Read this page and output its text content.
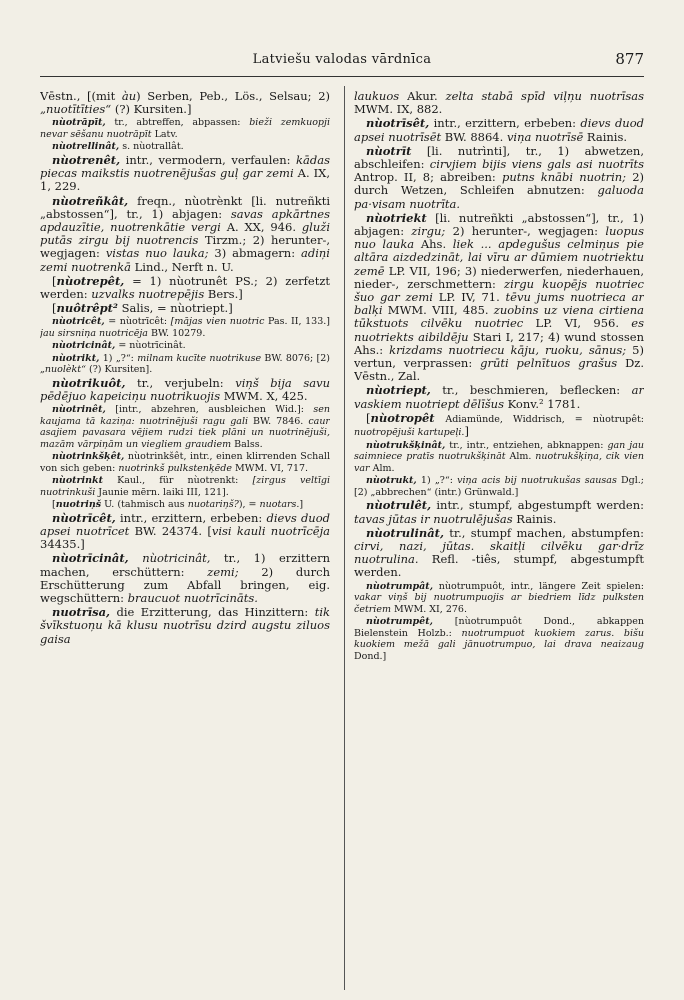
Latviešu valodas vārdnīca	877

Vēstn., [(mit àu) Serben, Peb., Lös., Selsau; 2) „nuotītīties“ (?) Kursiten.]

nùotrāpīt, tr., abtreffen, abpassen: bieži zemkuopji nevar sēšanu nuotrāpīt Latv.

nùotrellinât, s. nùotrallât.

nùotrenêt, intr., vermodern, verfaulen: kādas piecas maikstis nuotrenējušas guļ gar zemi A. IX, 1, 229.

nùotreñkât, freqn., nùotrènkt [li. nutreñkti „abstossen“], tr., 1) abjagen: savas apkārtnes apdauzītie, nuotrenkātie vergi A. XX, 946. gluži putās zirgu bij nuotrencis Tirzm.; 2) herunter-, wegjagen: vistas nuo lauka; 3) abmagern: adiņi zemi nuotrenkā Lind., Nerft n. U.

[nùotrepêt, = 1) nùotrunêt PS.; 2) zerfetzt werden: uzvalks nuotrepējis Bers.]

[nuôtrêpt² Salis, = nùotriept.]

nùotricêt, = nùotrīcêt: [mājas vien nuotric Pas. II, 133.] jau sirsniņa nuotricēja BW. 10279.

nùotricinât, = nùotrīcinât.

nùotrikt, 1) „?“: milnam kucīte nuotrikuse BW. 8076; [2) „nuolèkt“ (?) Kursiten].

nùotrikuôt, tr., verjubeln: viņš bija savu pēdējuo kapeiciņu nuotrikuojis MWM. X, 425.

nùotrinêt, [intr., abzehren, ausbleichen Wid.]: sen kaujama tā kaziņa: nuotrinējuši ragu gali BW. 7846. caur asajiem pavasara vējiem rudzi tiek plāni un nuotrinējuši, mazām vārpiņām un viegliem graudiem Balss.

nùotrinkšķêt, nùotrinkšêt, intr., einen klirrenden Schall von sich geben: nuotrinkš pulkstenķēde MWM. VI, 717.

nùotrinkt Kaul., für nùotrenkt: [zirgus veltīgi nuotrinkuši Jaunie mērn. laiki III, 121].

[nuotriņš U. (tahmisch aus nuotariņš?), = nuotars.]

nùotrīcêt, intr., erzittern, erbeben: dievs duod apsei nuotrīcet BW. 24374. [visi kauli nuotrīcēja 34435.]

nùotrīcinât, nùotricinât, tr., 1) erzittern machen, erschüttern: zemi; 2) durch Erschütterung zum Abfall bringen, eig. wegschüttern: braucuot nuotrīcināts.

nuotrīsa, die Erzitterung, das Hinzittern: tik švīkstuoņu kā klusu nuotrīsu dzird augstu ziluos gaisa

laukuos Akur. zelta stabā spīd viļņu nuotrīsas MWM. IX, 882.

nùotrīsêt, intr., erzittern, erbeben: dievs duod apsei nuotrīsēt BW. 8864. viņa nuotrīsē Rainis.

nùotrīt [li. nutrìnti], tr., 1) abwetzen, abschleifen: cirvjiem bijis viens gals asi nuotrīts Antrop. II, 8; abreiben: putns knābi nuotrin; 2) durch Wetzen, Schleifen abnutzen: galuoda pa·visam nuotrīta.

nùotriekt [li. nutreñkti „abstossen“], tr., 1) abjagen: zirgu; 2) herunter-, wegjagen: luopus nuo lauka Ahs. liek ... apdegušus celmiņus pie altāra aizdedzināt, lai vīru ar dūmiem nuotriektu zemē LP. VII, 196; 3) niederwerfen, niederhauen, nieder-, zerschmettern: zirgu kuopējs nuotriec šuo gar zemi LP. IV, 71. tēvu jums nuotrieca ar balķi MWM. VIII, 485. zuobins uz viena cirtiena tūkstuots cilvēku nuotriec LP. VI, 956. es nuotriekts aibildēju Stari I, 217; 4) wund stossen Ahs.: krizdams nuotriecu kāju, ruoku, sānus; 5) vertun, verprassen: grūti pelnītuos grašus Dz. Vēstn., Zal.

nùotriept, tr., beschmieren, beflecken: ar vaskiem nuotriept dēlīšus Konv.² 1781.

[nùotropêt Adiamünde, Widdrisch, = nùotrupêt: nuotropējuši kartupeļi.]

nùotrukšķinât, tr., intr., entziehen, abknappen: gan jau saimniece pratīs nuotrukšķināt Alm. nuotrukšķiņa, cik vien var Alm.

nùotrukt, 1) „?“: viņa acis bij nuotrukušas sausas Dgl.; [2) „abbrechen“ (intr.) Grünwald.]

nùotrulêt, intr., stumpf, abgestumpft werden: tavas jūtas ir nuotrulējušas Rainis.

nùotrulinât, tr., stumpf machen, abstumpfen: cirvi, nazi, jūtas. skaitļi cilvēku gar·drīz nuotrulina. Refl. -tiês, stumpf, abgestumpft werden.

nùotrumpât, nùotrumpuôt, intr., längere Zeit spielen: vakar viņš bij nuotrumpuojis ar biedriem līdz pulksten četriem MWM. XI, 276.

nùotrumpêt, [nùotrumpuôt Dond., abkappen Bielenstein Holzb.: nuotrumpuot kuokiem zarus. bišu kuokiem mežā gali jānuotrumpuo, lai drava neaizaug Dond.]
